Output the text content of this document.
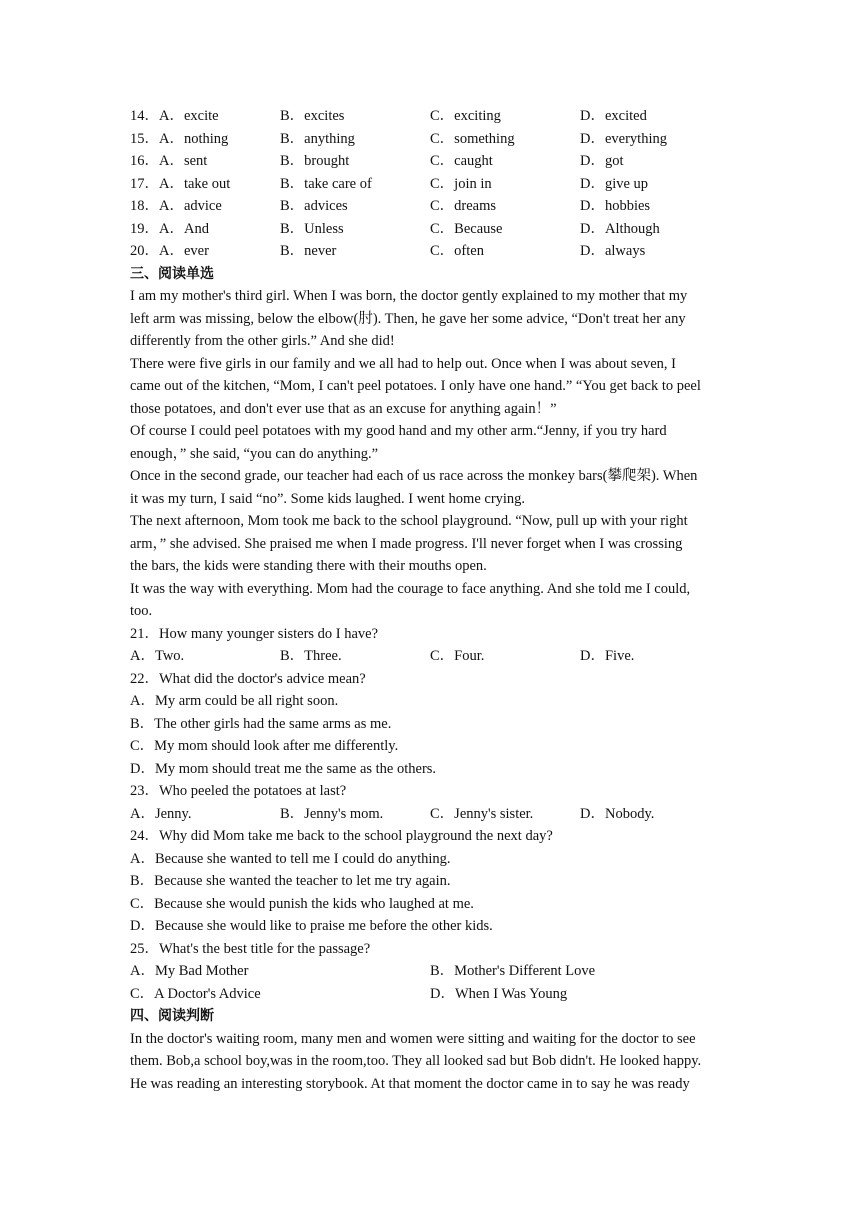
14．A．excite	B．excites	C．exciting	D．excited
15．A．nothing	B．anything	C．something	D．everything
16．A．sent	B．brought	C．caught	D．got
17．A．take out	B．take care of	C．join in	D．give up
18．A．advice	B．advices	C．dreams	D．hobbies
19．A．And	B．Unless	C．Because	D．Although
20．A．ever	B．never	C．often	D．always
三、阅读单选
I am my mother's third girl. When I was born, the doctor gently explained to my mother that my
left arm was missing, below the elbow(肘). Then, he gave her some advice, “Don't treat her any
differently from the other girls.” And she did!
There were five girls in our family and we all had to help out. Once when I was about seven, I
came out of the kitchen, “Mom, I can't peel potatoes. I only have one hand.” “You get back to peel
those potatoes, and don't ever use that as an excuse for anything again！”
Of course I could peel potatoes with my good hand and my other arm.“Jenny, if you try hard
enough，” she said, “you can do anything.”
Once in the second grade, our teacher had each of us race across the monkey bars(攀爬架). When
it was my turn, I said “no”. Some kids laughed. I went home crying.
The next afternoon, Mom took me back to the school playground. “Now, pull up with your right
arm，” she advised. She praised me when I made progress. I'll never forget when I was crossing
the bars, the kids were standing there with their mouths open.
It was the way with everything. Mom had the courage to face anything. And she told me I could,
too.
21．How many younger sisters do I have?
A．Two.	B．Three.	C．Four.	D．Five.
22．What did the doctor's advice mean?
A．My arm could be all right soon.
B．The other girls had the same arms as me.
C．My mom should look after me differently.
D．My mom should treat me the same as the others.
23．Who peeled the potatoes at last?
A．Jenny.	B．Jenny's mom.	C．Jenny's sister.	D．Nobody.
24．Why did Mom take me back to the school playground the next day?
A．Because she wanted to tell me I could do anything.
B．Because she wanted the teacher to let me try again.
C．Because she would punish the kids who laughed at me.
D．Because she would like to praise me before the other kids.
25．What's the best title for the passage?
A．My Bad Mother	B．Mother's Different Love
C．A Doctor's Advice	D．When I Was Young
四、阅读判断
In the doctor's waiting room, many men and women were sitting and waiting for the doctor to see
them. Bob,a school boy,was in the room,too. They all looked sad but Bob didn't. He looked happy.
He was reading an interesting storybook. At that moment the doctor came in to say he was ready
